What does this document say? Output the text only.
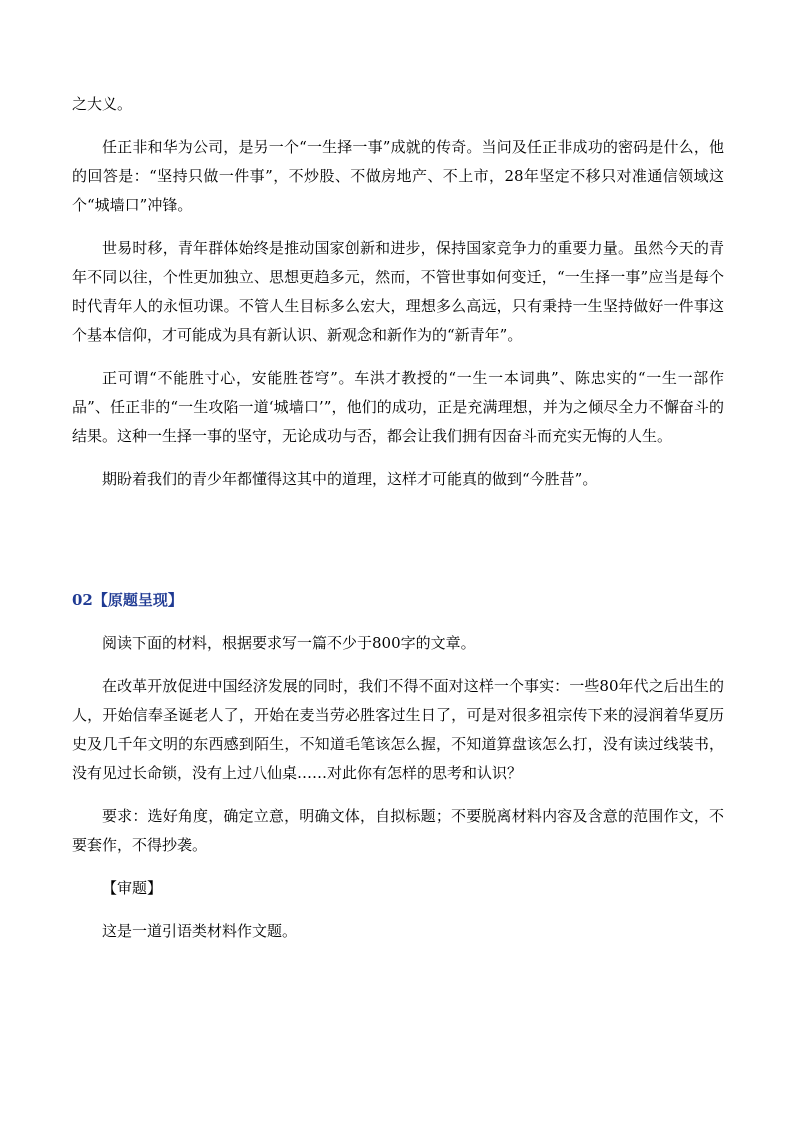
之大义。

任正非和华为公司，是另一个“一生择一事”成就的传奇。当问及任正非成功的密码是什么，他的回答是：“坚持只做一件事”，不炒股、不做房地产、不上市，28年坚定不移只对准通信领域这个“城墙口”冲锋。

世易时移，青年群体始终是推动国家创新和进步，保持国家竞争力的重要力量。虽然今天的青年不同以往，个性更加独立、思想更趋多元，然而，不管世事如何变迁，“一生择一事”应当是每个时代青年人的永恒功课。不管人生目标多么宏大，理想多么高远，只有秉持一生坚持做好一件事这个基本信仰，才可能成为具有新认识、新观念和新作为的“新青年”。

正可谓“不能胜寸心，安能胜苍穹”。车洪才教授的“一生一本词典”、陈忠实的“一生一部作品”、任正非的“一生攻陷一道‘城墙口’”，他们的成功，正是充满理想，并为之倾尽全力不懈奋斗的结果。这种一生择一事的坚守，无论成功与否，都会让我们拥有因奋斗而充实无悔的人生。

期盼着我们的青少年都懂得这其中的道理，这样才可能真的做到“今胜昔”。

02【原题呈现】

阅读下面的材料，根据要求写一篇不少于800字的文章。

在改革开放促进中国经济发展的同时，我们不得不面对这样一个事实：一些80年代之后出生的人，开始信奉圣诞老人了，开始在麦当劳必胜客过生日了，可是对很多祖宗传下来的浸润着华夏历史及几千年文明的东西感到陌生，不知道毛笔该怎么握，不知道算盘该怎么打，没有读过线装书，没有见过长命锁，没有上过八仙桌……对此你有怎样的思考和认识？

要求：选好角度，确定立意，明确文体，自拟标题；不要脱离材料内容及含意的范围作文，不要套作，不得抄袭。

【审题】

这是一道引语类材料作文题。
